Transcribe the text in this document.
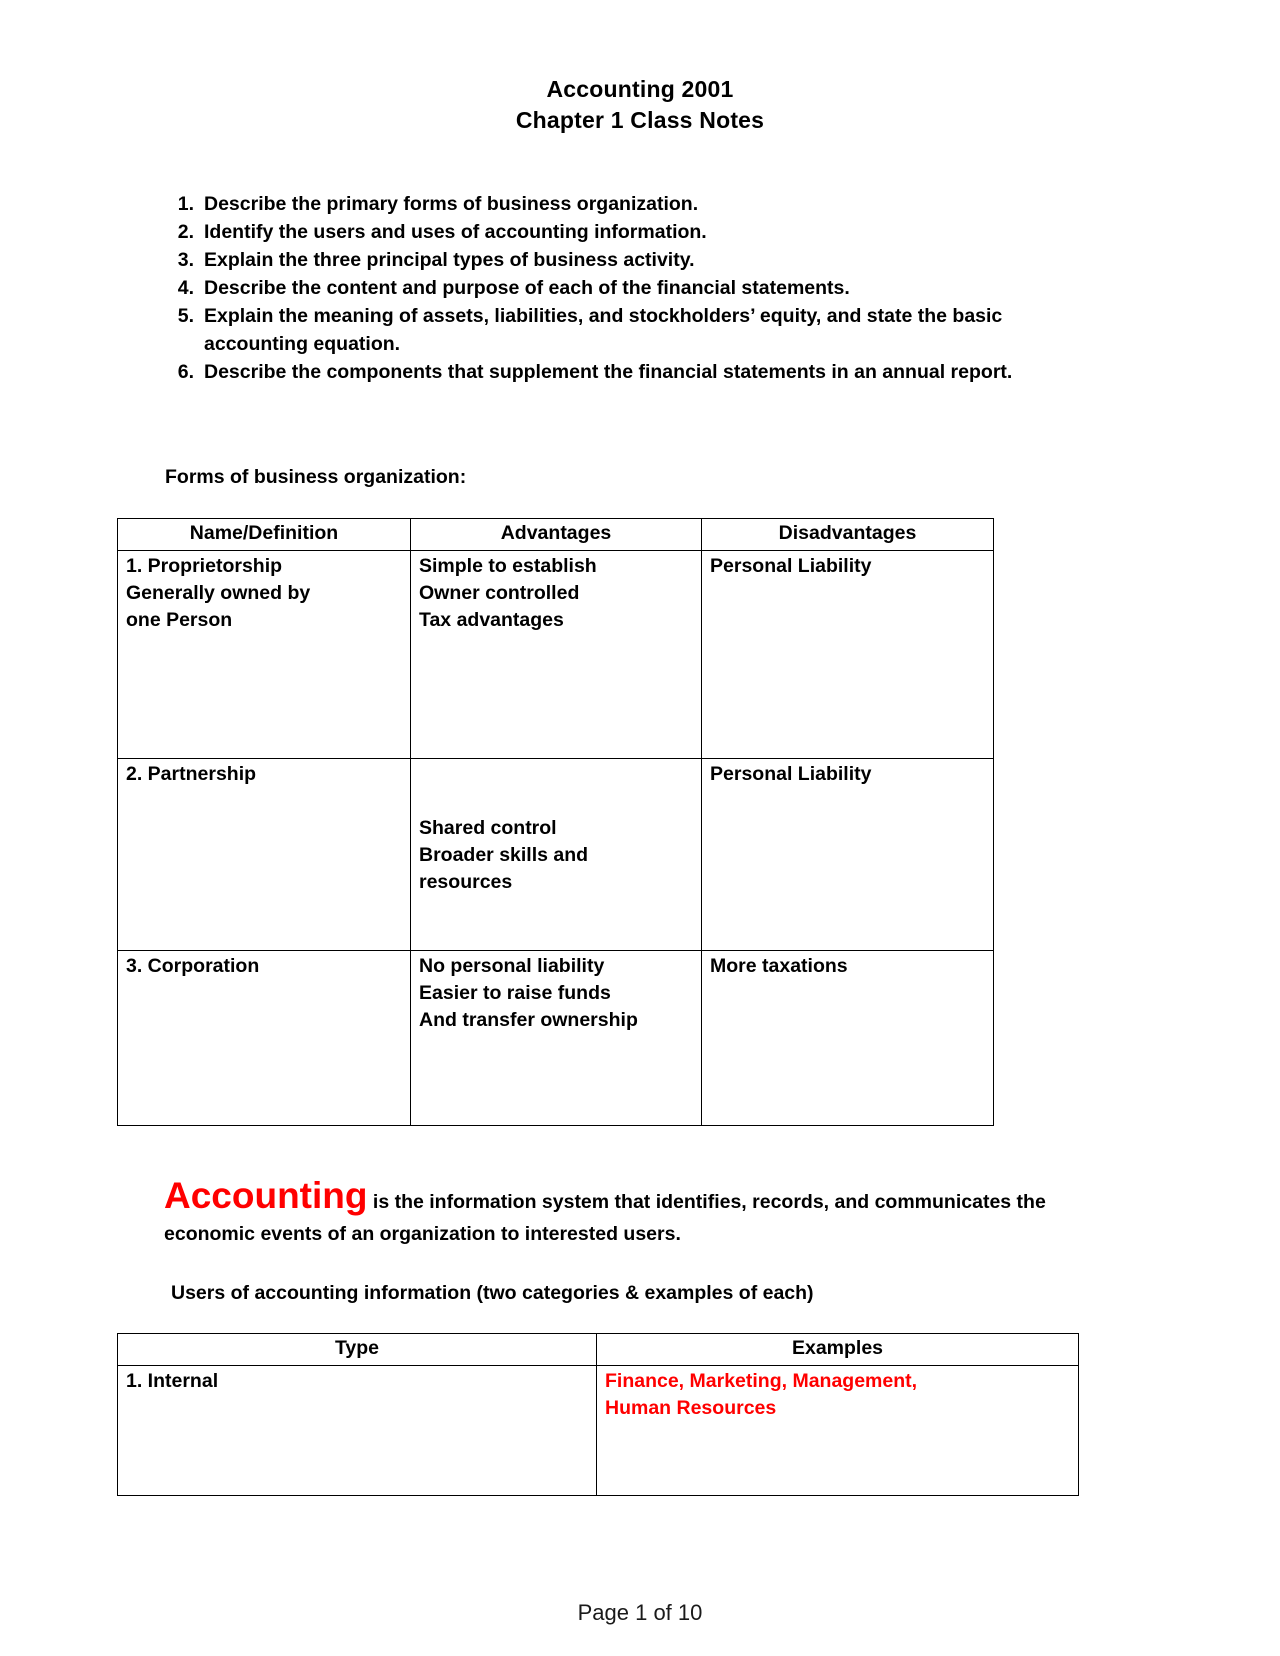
Accounting 2001
Chapter 1 Class Notes
1. Describe the primary forms of business organization.
2. Identify the users and uses of accounting information.
3. Explain the three principal types of business activity.
4. Describe the content and purpose of each of the financial statements.
5. Explain the meaning of assets, liabilities, and stockholders’ equity, and state the basic accounting equation.
6. Describe the components that supplement the financial statements in an annual report.
Forms of business organization:
Name/Definition	Advantages	Disadvantages

1. Proprietorship
Generally owned by
one Person	Simple to establish
Owner controlled
Tax advantages	Personal Liability

2. Partnership	Shared control
Broader skills and
resources	Personal Liability

3. Corporation	No personal liability
Easier to raise funds
And transfer ownership	More taxations

Accounting is the information system that identifies, records, and communicates the economic events of an organization to interested users.

Users of accounting information (two categories & examples of each)
Type	Examples
1. Internal	Finance, Marketing, Management,
Human Resources
Page 1 of 10
